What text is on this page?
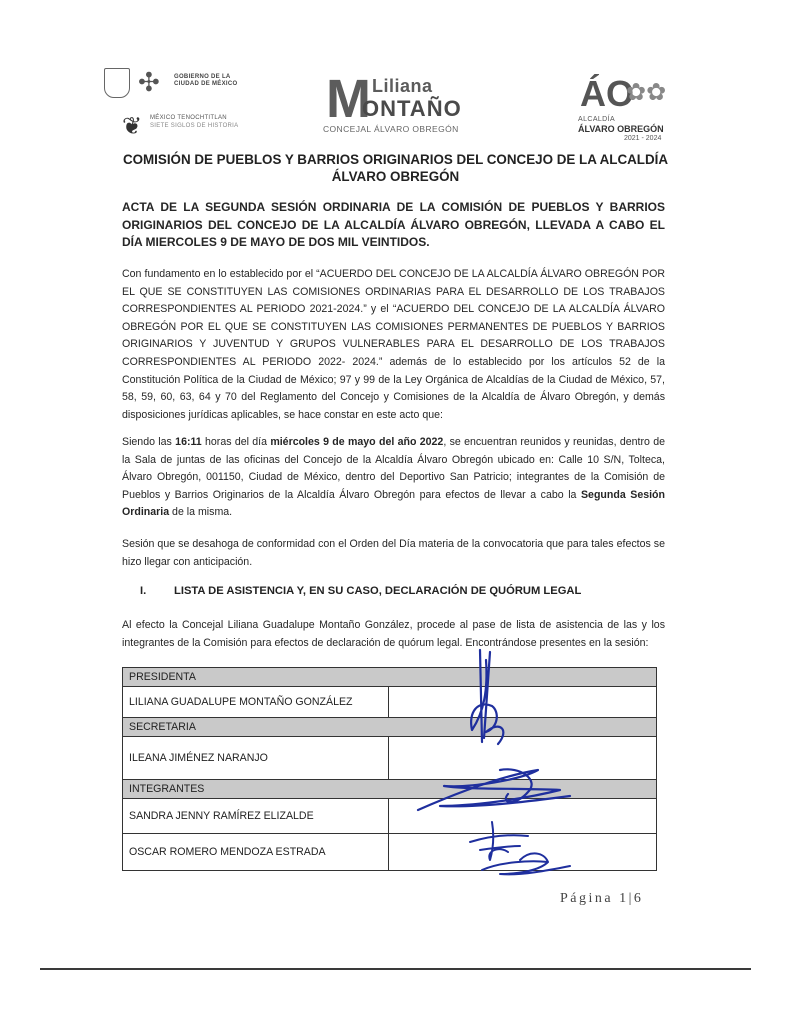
✣ GOBIERNO DE LA CIUDAD DE MÉXICO
❦ MÉXICO TENOCHTITLAN
SIETE SIGLOS DE HISTORIA M Liliana
ONTAÑO
CONCEJAL ÁLVARO OBREGÓN
ÁO
✿✿
ALCALDÍA
ÁLVARO OBREGÓN
2021 - 2024
COMISIÓN DE PUEBLOS Y BARRIOS ORIGINARIOS DEL CONCEJO DE LA ALCALDÍA ÁLVARO OBREGÓN
ACTA DE LA SEGUNDA SESIÓN ORDINARIA DE LA COMISIÓN DE PUEBLOS Y BARRIOS ORIGINARIOS DEL CONCEJO DE LA ALCALDÍA ÁLVARO OBREGÓN, LLEVADA A CABO EL DÍA MIERCOLES 9 DE MAYO DE DOS MIL VEINTIDOS.
Con fundamento en lo establecido por el “ACUERDO DEL CONCEJO DE LA ALCALDÍA ÁLVARO OBREGÓN POR EL QUE SE CONSTITUYEN LAS COMISIONES ORDINARIAS PARA EL DESARROLLO DE LOS TRABAJOS CORRESPONDIENTES AL PERIODO 2021-2024.” y el “ACUERDO DEL CONCEJO DE LA ALCALDÍA ÁLVARO OBREGÓN POR EL QUE SE CONSTITUYEN LAS COMISIONES PERMANENTES DE PUEBLOS Y BARRIOS ORIGINARIOS Y JUVENTUD Y GRUPOS VULNERABLES PARA EL DESARROLLO DE LOS TRABAJOS CORRESPONDIENTES AL PERIODO 2022- 2024.” además de lo establecido por los artículos 52 de la Constitución Política de la Ciudad de México; 97 y 99 de la Ley Orgánica de Alcaldías de la Ciudad de México, 57, 58, 59, 60, 63, 64 y 70 del Reglamento del Concejo y Comisiones de la Alcaldía de Álvaro Obregón, y demás disposiciones jurídicas aplicables, se hace constar en este acto que:
Siendo las 16:11 horas del día miércoles 9 de mayo del año 2022, se encuentran reunidos y reunidas, dentro de la Sala de juntas de las oficinas del Concejo de la Alcaldía Álvaro Obregón ubicado en: Calle 10 S/N, Tolteca, Álvaro Obregón, 001150, Ciudad de México, dentro del Deportivo San Patricio; integrantes de la Comisión de Pueblos y Barrios Originarios de la Alcaldía Álvaro Obregón para efectos de llevar a cabo la Segunda Sesión Ordinaria de la misma.
Sesión que se desahoga de conformidad con el Orden del Día materia de la convocatoria que para tales efectos se hizo llegar con anticipación.
I. LISTA DE ASISTENCIA Y, EN SU CASO, DECLARACIÓN DE QUÓRUM LEGAL
Al efecto la Concejal Liliana Guadalupe Montaño González, procede al pase de lista de asistencia de las y los integrantes de la Comisión para efectos de declaración de quórum legal. Encontrándose presentes en la sesión:
PRESIDENTA	
LILIANA GUADALUPE MONTAÑO GONZÁLEZ	
SECRETARIA	
ILEANA JIMÉNEZ NARANJO	
INTEGRANTES	
SANDRA JENNY RAMÍREZ ELIZALDE	
OSCAR ROMERO MENDOZA ESTRADA	
Página 1|6
